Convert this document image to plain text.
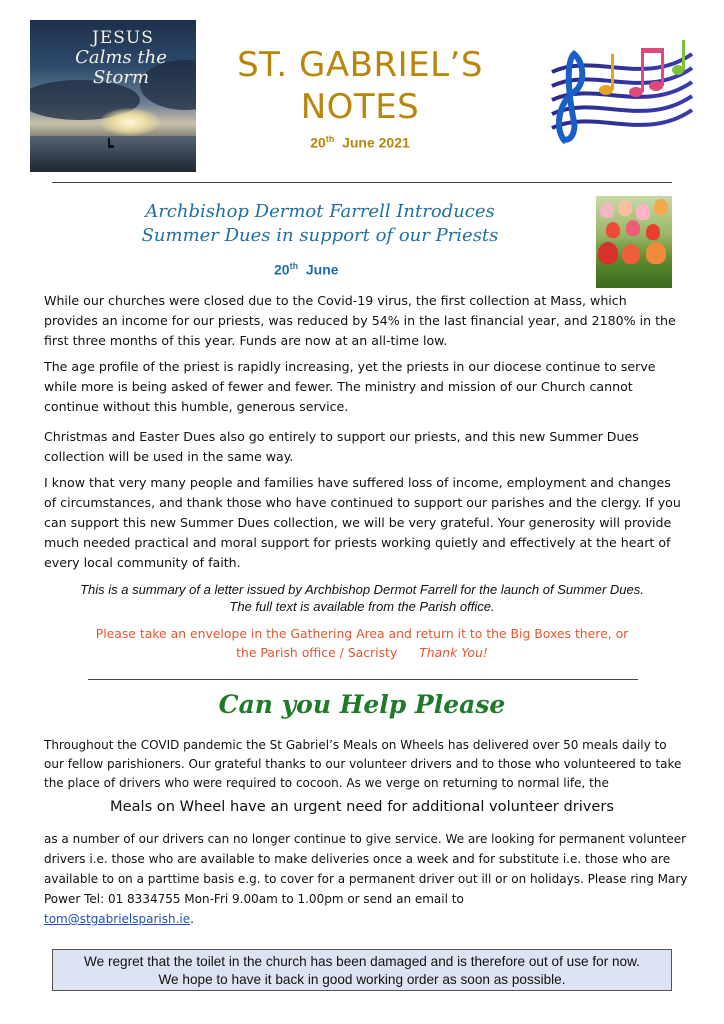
JESUS
Calms the Storm	ST. GABRIEL’S
NOTES
20th June 2021
Archbishop Dermot Farrell Introduces
Summer Dues in support of our Priests
20th June
While our churches were closed due to the Covid-19 virus, the first collection at Mass, which provides an income for our priests, was reduced by 54% in the last financial year, and 2180% in the first three months of this year. Funds are now at an all-time low.
The age profile of the priest is rapidly increasing, yet the priests in our diocese continue to serve while more is being asked of fewer and fewer. The ministry and mission of our Church cannot continue without this humble, generous service.
Christmas and Easter Dues also go entirely to support our priests, and this new Summer Dues collection will be used in the same way.
I know that very many people and families have suffered loss of income, employment and changes of circumstances, and thank those who have continued to support our parishes and the clergy. If you can support this new Summer Dues collection, we will be very grateful. Your generosity will provide much needed practical and moral support for priests working quietly and effectively at the heart of every local community of faith.
This is a summary of a letter issued by Archbishop Dermot Farrell for the launch of Summer Dues.
The full text is available from the Parish office.
Please take an envelope in the Gathering Area and return it to the Big Boxes there, or
the Parish office / Sacristy Thank You!
Can you Help Please
Throughout the COVID pandemic the St Gabriel’s Meals on Wheels has delivered over 50 meals daily to our fellow parishioners. Our grateful thanks to our volunteer drivers and to those who volunteered to take the place of drivers who were required to cocoon. As we verge on returning to normal life, the
Meals on Wheel have an urgent need for additional volunteer drivers
as a number of our drivers can no longer continue to give service. We are looking for permanent volunteer drivers i.e. those who are available to make deliveries once a week and for substitute i.e. those who are available to on a parttime basis e.g. to cover for a permanent driver out ill or on holidays. Please ring Mary Power Tel: 01 8334755 Mon-Fri 9.00am to 1.00pm or send an email to
tom@stgabrielsparish.ie.
We regret that the toilet in the church has been damaged and is therefore out of use for now.
We hope to have it back in good working order as soon as possible.
